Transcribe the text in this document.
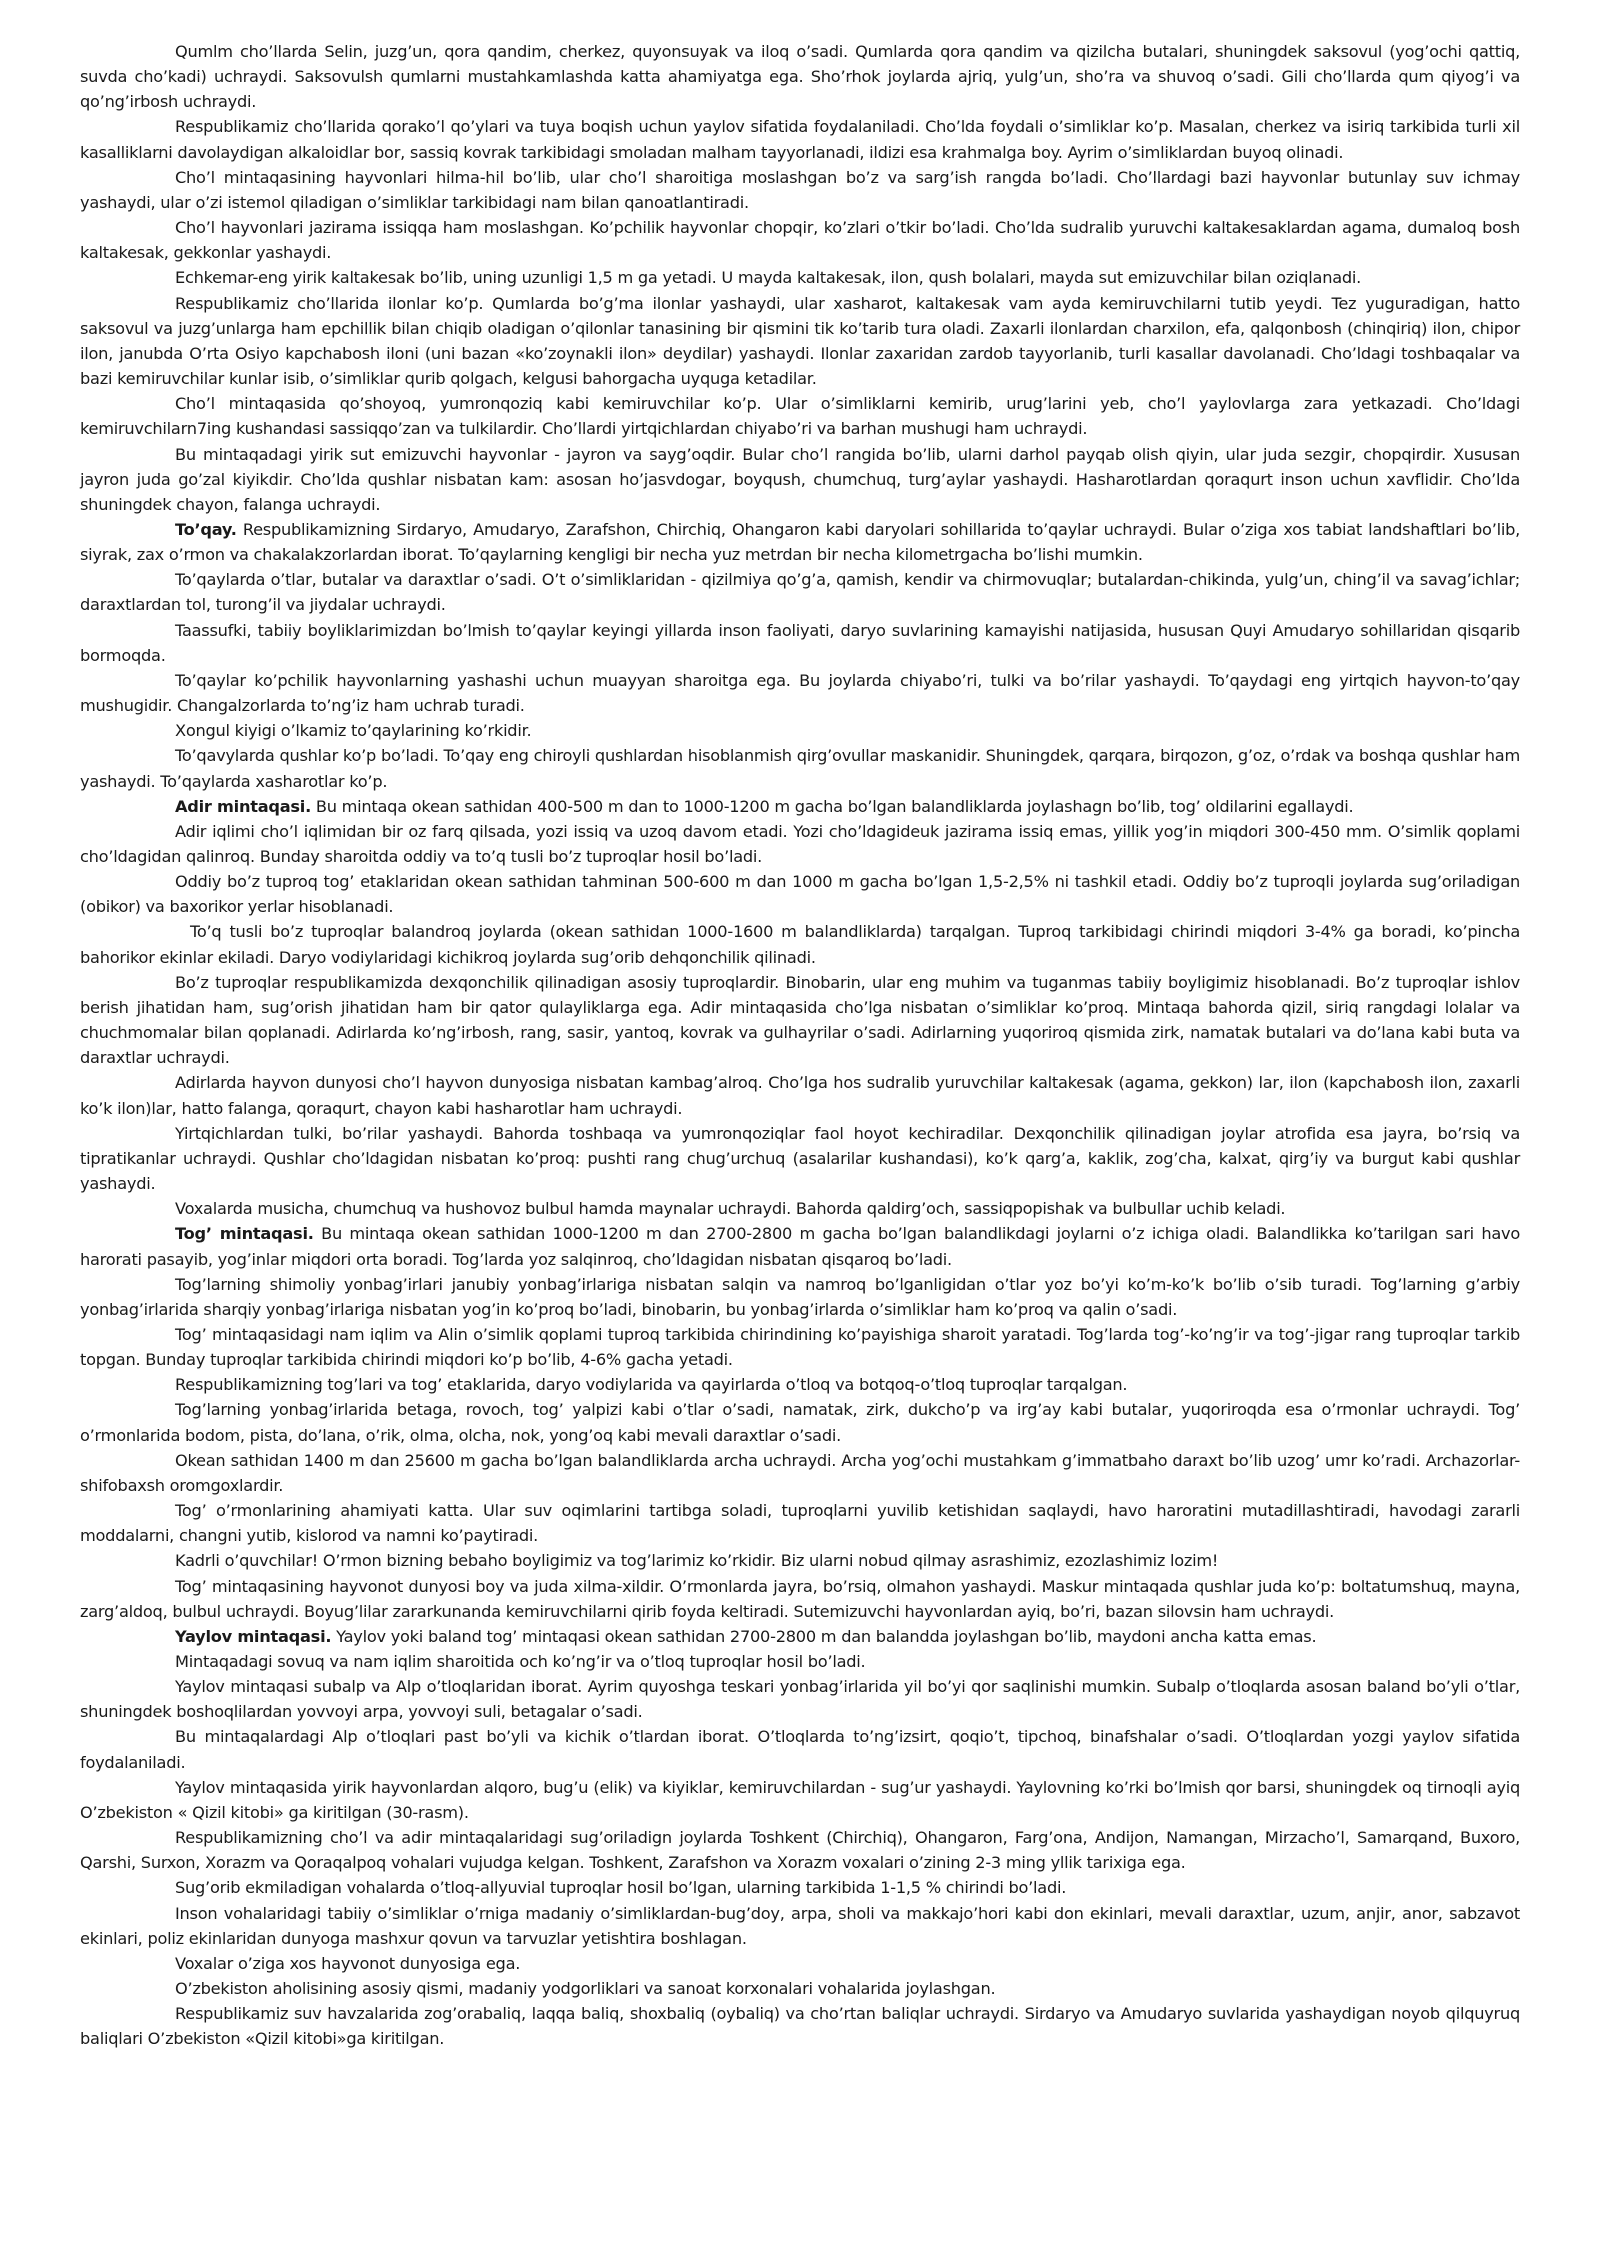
Qumlm cho’llarda Selin, juzg’un, qora qandim, cherkez, quyonsuyak va iloq o’sadi. Qumlarda qora qandim va qizilcha butalari, shuningdek saksovul (yog’ochi qattiq, suvda cho’kadi) uchraydi. Saksovulsh qumlarni mustahkamlashda katta ahamiyatga ega. Sho’rhok joylarda ajriq, yulg’un, sho’ra va shuvoq o’sadi. Gili cho’llarda qum qiyog’i va qo’ng’irbosh uchraydi.

Respublikamiz cho’llarida qorako’l qo’ylari va tuya boqish uchun yaylov sifatida foydalaniladi. Cho’lda foydali o’simliklar ko’p. Masalan, cherkez va isiriq tarkibida turli xil kasalliklarni davolaydigan alkaloidlar bor, sassiq kovrak tarkibidagi smoladan malham tayyorlanadi, ildizi esa krahmalga boy. Ayrim o’simliklardan buyoq olinadi.

Cho’l mintaqasining hayvonlari hilma-hil bo’lib, ular cho’l sharoitiga moslashgan bo’z va sarg’ish rangda bo’ladi. Cho’llardagi bazi hayvonlar butunlay suv ichmay yashaydi, ular o’zi istemol qiladigan o’simliklar tarkibidagi nam bilan qanoatlantiradi.

Cho’l hayvonlari jazirama issiqqa ham moslashgan. Ko’pchilik hayvonlar chopqir, ko’zlari o’tkir bo’ladi. Cho’lda sudralib yuruvchi kaltakesaklardan agama, dumaloq bosh kaltakesak, gekkonlar yashaydi.

Echkemar-eng yirik kaltakesak bo’lib, uning uzunligi 1,5 m ga yetadi. U mayda kaltakesak, ilon, qush bolalari, mayda sut emizuvchilar bilan oziqlanadi.

Respublikamiz cho’llarida ilonlar ko’p. Qumlarda bo’g’ma ilonlar yashaydi, ular xasharot, kaltakesak vam ayda kemiruvchilarni tutib yeydi. Tez yuguradigan, hatto saksovul va juzg’unlarga ham epchillik bilan chiqib oladigan o’qilonlar tanasining bir qismini tik ko’tarib tura oladi. Zaxarli ilonlardan charxilon, efa, qalqonbosh (chinqiriq) ilon, chipor ilon, janubda O’rta Osiyo kapchabosh iloni (uni bazan «ko’zoynakli ilon» deydilar) yashaydi. Ilonlar zaxaridan zardob tayyorlanib, turli kasallar davolanadi. Cho’ldagi toshbaqalar va bazi kemiruvchilar kunlar isib, o’simliklar qurib qolgach, kelgusi bahorgacha uyquga ketadilar.

Cho’l mintaqasida qo’shoyoq, yumronqoziq kabi kemiruvchilar ko’p. Ular o’simliklarni kemirib, urug’larini yeb, cho’l yaylovlarga zara yetkazadi. Cho’ldagi kemiruvchilarn7ing kushandasi sassiqqo’zan va tulkilardir. Cho’llardi yirtqichlardan chiyabo’ri va barhan mushugi ham uchraydi.

Bu mintaqadagi yirik sut emizuvchi hayvonlar - jayron va sayg’oqdir. Bular cho’l rangida bo’lib, ularni darhol payqab olish qiyin, ular juda sezgir, chopqirdir. Xususan jayron juda go’zal kiyikdir. Cho’lda qushlar nisbatan kam: asosan ho’jasvdogar, boyqush, chumchuq, turg’aylar yashaydi. Hasharotlardan qoraqurt inson uchun xavflidir. Cho’lda shuningdek chayon, falanga uchraydi.

To’qay. Respublikamizning Sirdaryo, Amudaryo, Zarafshon, Chirchiq, Ohangaron kabi daryolari sohillarida to’qaylar uchraydi. Bular o’ziga xos tabiat landshaftlari bo’lib, siyrak, zax o’rmon va chakalakzorlardan iborat. To’qaylarning kengligi bir necha yuz metrdan bir necha kilometrgacha bo’lishi mumkin.

To’qaylarda o’tlar, butalar va daraxtlar o’sadi. O’t o’simliklaridan - qizilmiya qo’g’a, qamish, kendir va chirmovuqlar; butalardan-chikinda, yulg’un, ching’il va savag’ichlar; daraxtlardan tol, turong’il va jiydalar uchraydi.

Taassufki, tabiiy boyliklarimizdan bo’lmish to’qaylar keyingi yillarda inson faoliyati, daryo suvlarining kamayishi natijasida, hususan Quyi Amudaryo sohillaridan qisqarib bormoqda.

To’qaylar ko’pchilik hayvonlarning yashashi uchun muayyan sharoitga ega. Bu joylarda chiyabo’ri, tulki va bo’rilar yashaydi. To’qaydagi eng yirtqich hayvon-to’qay mushugidir. Changalzorlarda to’ng’iz ham uchrab turadi.

Xongul kiyigi o’lkamiz to’qaylarining ko’rkidir.

To’qavylarda qushlar ko’p bo’ladi. To’qay eng chiroyli qushlardan hisoblanmish qirg’ovullar maskanidir. Shuningdek, qarqara, birqozon, g’oz, o’rdak va boshqa qushlar ham yashaydi. To’qaylarda xasharotlar ko’p.

Adir mintaqasi. Bu mintaqa okean sathidan 400-500 m dan to 1000-1200 m gacha bo’lgan balandliklarda joylashagn bo’lib, tog’ oldilarini egallaydi.

Adir iqlimi cho’l iqlimidan bir oz farq qilsada, yozi issiq va uzoq davom etadi. Yozi cho’ldagideuk jazirama issiq emas, yillik yog’in miqdori 300-450 mm. O’simlik qoplami cho’ldagidan qalinroq. Bunday sharoitda oddiy va to’q tusli bo’z tuproqlar hosil bo’ladi.

Oddiy bo’z tuproq tog’ etaklaridan okean sathidan tahminan 500-600 m dan 1000 m gacha bo’lgan 1,5-2,5% ni tashkil etadi. Oddiy bo’z tuproqli joylarda sug’oriladigan (obikor) va baxorikor yerlar hisoblanadi.

To’q tusli bo’z tuproqlar balandroq joylarda (okean sathidan 1000-1600 m balandliklarda) tarqalgan. Tuproq tarkibidagi chirindi miqdori 3-4% ga boradi, ko’pincha bahorikor ekinlar ekiladi. Daryo vodiylaridagi kichikroq joylarda sug’orib dehqonchilik qilinadi.

Bo’z tuproqlar respublikamizda dexqonchilik qilinadigan asosiy tuproqlardir. Binobarin, ular eng muhim va tuganmas tabiiy boyligimiz hisoblanadi. Bo’z tuproqlar ishlov berish jihatidan ham, sug’orish jihatidan ham bir qator qulayliklarga ega. Adir mintaqasida cho’lga nisbatan o’simliklar ko’proq. Mintaqa bahorda qizil, siriq rangdagi lolalar va chuchmomalar bilan qoplanadi. Adirlarda ko’ng’irbosh, rang, sasir, yantoq, kovrak va gulhayrilar o’sadi. Adirlarning yuqoriroq qismida zirk, namatak butalari va do’lana kabi buta va daraxtlar uchraydi.

Adirlarda hayvon dunyosi cho’l hayvon dunyosiga nisbatan kambag’alroq. Cho’lga hos sudralib yuruvchilar kaltakesak (agama, gekkon) lar, ilon (kapchabosh ilon, zaxarli ko’k ilon)lar, hatto falanga, qoraqurt, chayon kabi hasharotlar ham uchraydi.

Yirtqichlardan tulki, bo’rilar yashaydi. Bahorda toshbaqa va yumronqoziqlar faol hoyot kechiradilar. Dexqonchilik qilinadigan joylar atrofida esa jayra, bo’rsiq va tipratikanlar uchraydi. Qushlar cho’ldagidan nisbatan ko’proq: pushti rang chug’urchuq (asalarilar kushandasi), ko’k qarg’a, kaklik, zog’cha, kalxat, qirg’iy va burgut kabi qushlar yashaydi.

Voxalarda musicha, chumchuq va hushovoz bulbul hamda maynalar uchraydi. Bahorda qaldirg’och, sassiqpopishak va bulbullar uchib keladi.

Tog’ mintaqasi. Bu mintaqa okean sathidan 1000-1200 m dan 2700-2800 m gacha bo’lgan balandlikdagi joylarni o’z ichiga oladi. Balandlikka ko’tarilgan sari havo harorati pasayib, yog’inlar miqdori orta boradi. Tog’larda yoz salqinroq, cho’ldagidan nisbatan qisqaroq bo’ladi.

Tog’larning shimoliy yonbag’irlari janubiy yonbag’irlariga nisbatan salqin va namroq bo’lganligidan o’tlar yoz bo’yi ko’m-ko’k bo’lib o’sib turadi. Tog’larning g’arbiy yonbag’irlarida sharqiy yonbag’irlariga nisbatan yog’in ko’proq bo’ladi, binobarin, bu yonbag’irlarda o’simliklar ham ko’proq va qalin o’sadi.

Tog’ mintaqasidagi nam iqlim va Alin o’simlik qoplami tuproq tarkibida chirindining ko’payishiga sharoit yaratadi. Tog’larda tog’-ko’ng’ir va tog’-jigar rang tuproqlar tarkib topgan. Bunday tuproqlar tarkibida chirindi miqdori ko’p bo’lib, 4-6% gacha yetadi.

Respublikamizning tog’lari va tog’ etaklarida, daryo vodiylarida va qayirlarda o’tloq va botqoq-o’tloq tuproqlar tarqalgan.

Tog’larning yonbag’irlarida betaga, rovoch, tog’ yalpizi kabi o’tlar o’sadi, namatak, zirk, dukcho’p va irg’ay kabi butalar, yuqoriroqda esa o’rmonlar uchraydi. Tog’ o’rmonlarida bodom, pista, do’lana, o’rik, olma, olcha, nok, yong’oq kabi mevali daraxtlar o’sadi.

Okean sathidan 1400 m dan 25600 m gacha bo’lgan balandliklarda archa uchraydi. Archa yog’ochi mustahkam g’immatbaho daraxt bo’lib uzog’ umr ko’radi. Archazorlar-shifobaxsh oromgoxlardir.

Tog’ o’rmonlarining ahamiyati katta. Ular suv oqimlarini tartibga soladi, tuproqlarni yuvilib ketishidan saqlaydi, havo haroratini mutadillashtiradi, havodagi zararli moddalarni, changni yutib, kislorod va namni ko’paytiradi.

Kadrli o’quvchilar! O’rmon bizning bebaho boyligimiz va tog’larimiz ko’rkidir. Biz ularni nobud qilmay asrashimiz, ezozlashimiz lozim!

Tog’ mintaqasining hayvonot dunyosi boy va juda xilma-xildir. O’rmonlarda jayra, bo’rsiq, olmahon yashaydi. Maskur mintaqada qushlar juda ko’p: boltatumshuq, mayna, zarg’aldoq, bulbul uchraydi. Boyug’lilar zararkunanda kemiruvchilarni qirib foyda keltiradi. Sutemizuvchi hayvonlardan ayiq, bo’ri, bazan silovsin ham uchraydi.

Yaylov mintaqasi. Yaylov yoki baland tog’ mintaqasi okean sathidan 2700-2800 m dan balandda joylashgan bo’lib, maydoni ancha katta emas.

Mintaqadagi sovuq va nam iqlim sharoitida och ko’ng’ir va o’tloq tuproqlar hosil bo’ladi.

Yaylov mintaqasi subalp va Alp o’tloqlaridan iborat. Ayrim quyoshga teskari yonbag’irlarida yil bo’yi qor saqlinishi mumkin. Subalp o’tloqlarda asosan baland bo’yli o’tlar, shuningdek boshoqlilardan yovvoyi arpa, yovvoyi suli, betagalar o’sadi.

Bu mintaqalardagi Alp o’tloqlari past bo’yli va kichik o’tlardan iborat. O’tloqlarda to’ng’izsirt, qoqio’t, tipchoq, binafshalar o’sadi. O’tloqlardan yozgi yaylov sifatida foydalaniladi.

Yaylov mintaqasida yirik hayvonlardan alqoro, bug’u (elik) va kiyiklar, kemiruvchilardan - sug’ur yashaydi. Yaylovning ko’rki bo’lmish qor barsi, shuningdek oq tirnoqli ayiq O’zbekiston « Qizil kitobi» ga kiritilgan (30-rasm).

Respublikamizning cho’l va adir mintaqalaridagi sug’oriladign joylarda Toshkent (Chirchiq), Ohangaron, Farg’ona, Andijon, Namangan, Mirzacho’l, Samarqand, Buxoro, Qarshi, Surxon, Xorazm va Qoraqalpoq vohalari vujudga kelgan. Toshkent, Zarafshon va Xorazm voxalari o’zining 2-3 ming yllik tarixiga ega.

Sug’orib ekmiladigan vohalarda o’tloq-allyuvial tuproqlar hosil bo’lgan, ularning tarkibida 1-1,5 % chirindi bo’ladi.

Inson vohalaridagi tabiiy o’simliklar o’rniga madaniy o’simliklardan-bug’doy, arpa, sholi va makkajo’hori kabi don ekinlari, mevali daraxtlar, uzum, anjir, anor, sabzavot ekinlari, poliz ekinlaridan dunyoga mashxur qovun va tarvuzlar yetishtira boshlagan.

Voxalar o’ziga xos hayvonot dunyosiga ega.

O’zbekiston aholisining asosiy qismi, madaniy yodgorliklari va sanoat korxonalari vohalarida joylashgan.

Respublikamiz suv havzalarida zog’orabaliq, laqqa baliq, shoxbaliq (oybaliq) va cho’rtan baliqlar uchraydi. Sirdaryo va Amudaryo suvlarida yashaydigan noyob qilquyruq baliqlari O’zbekiston «Qizil kitobi»ga kiritilgan.
